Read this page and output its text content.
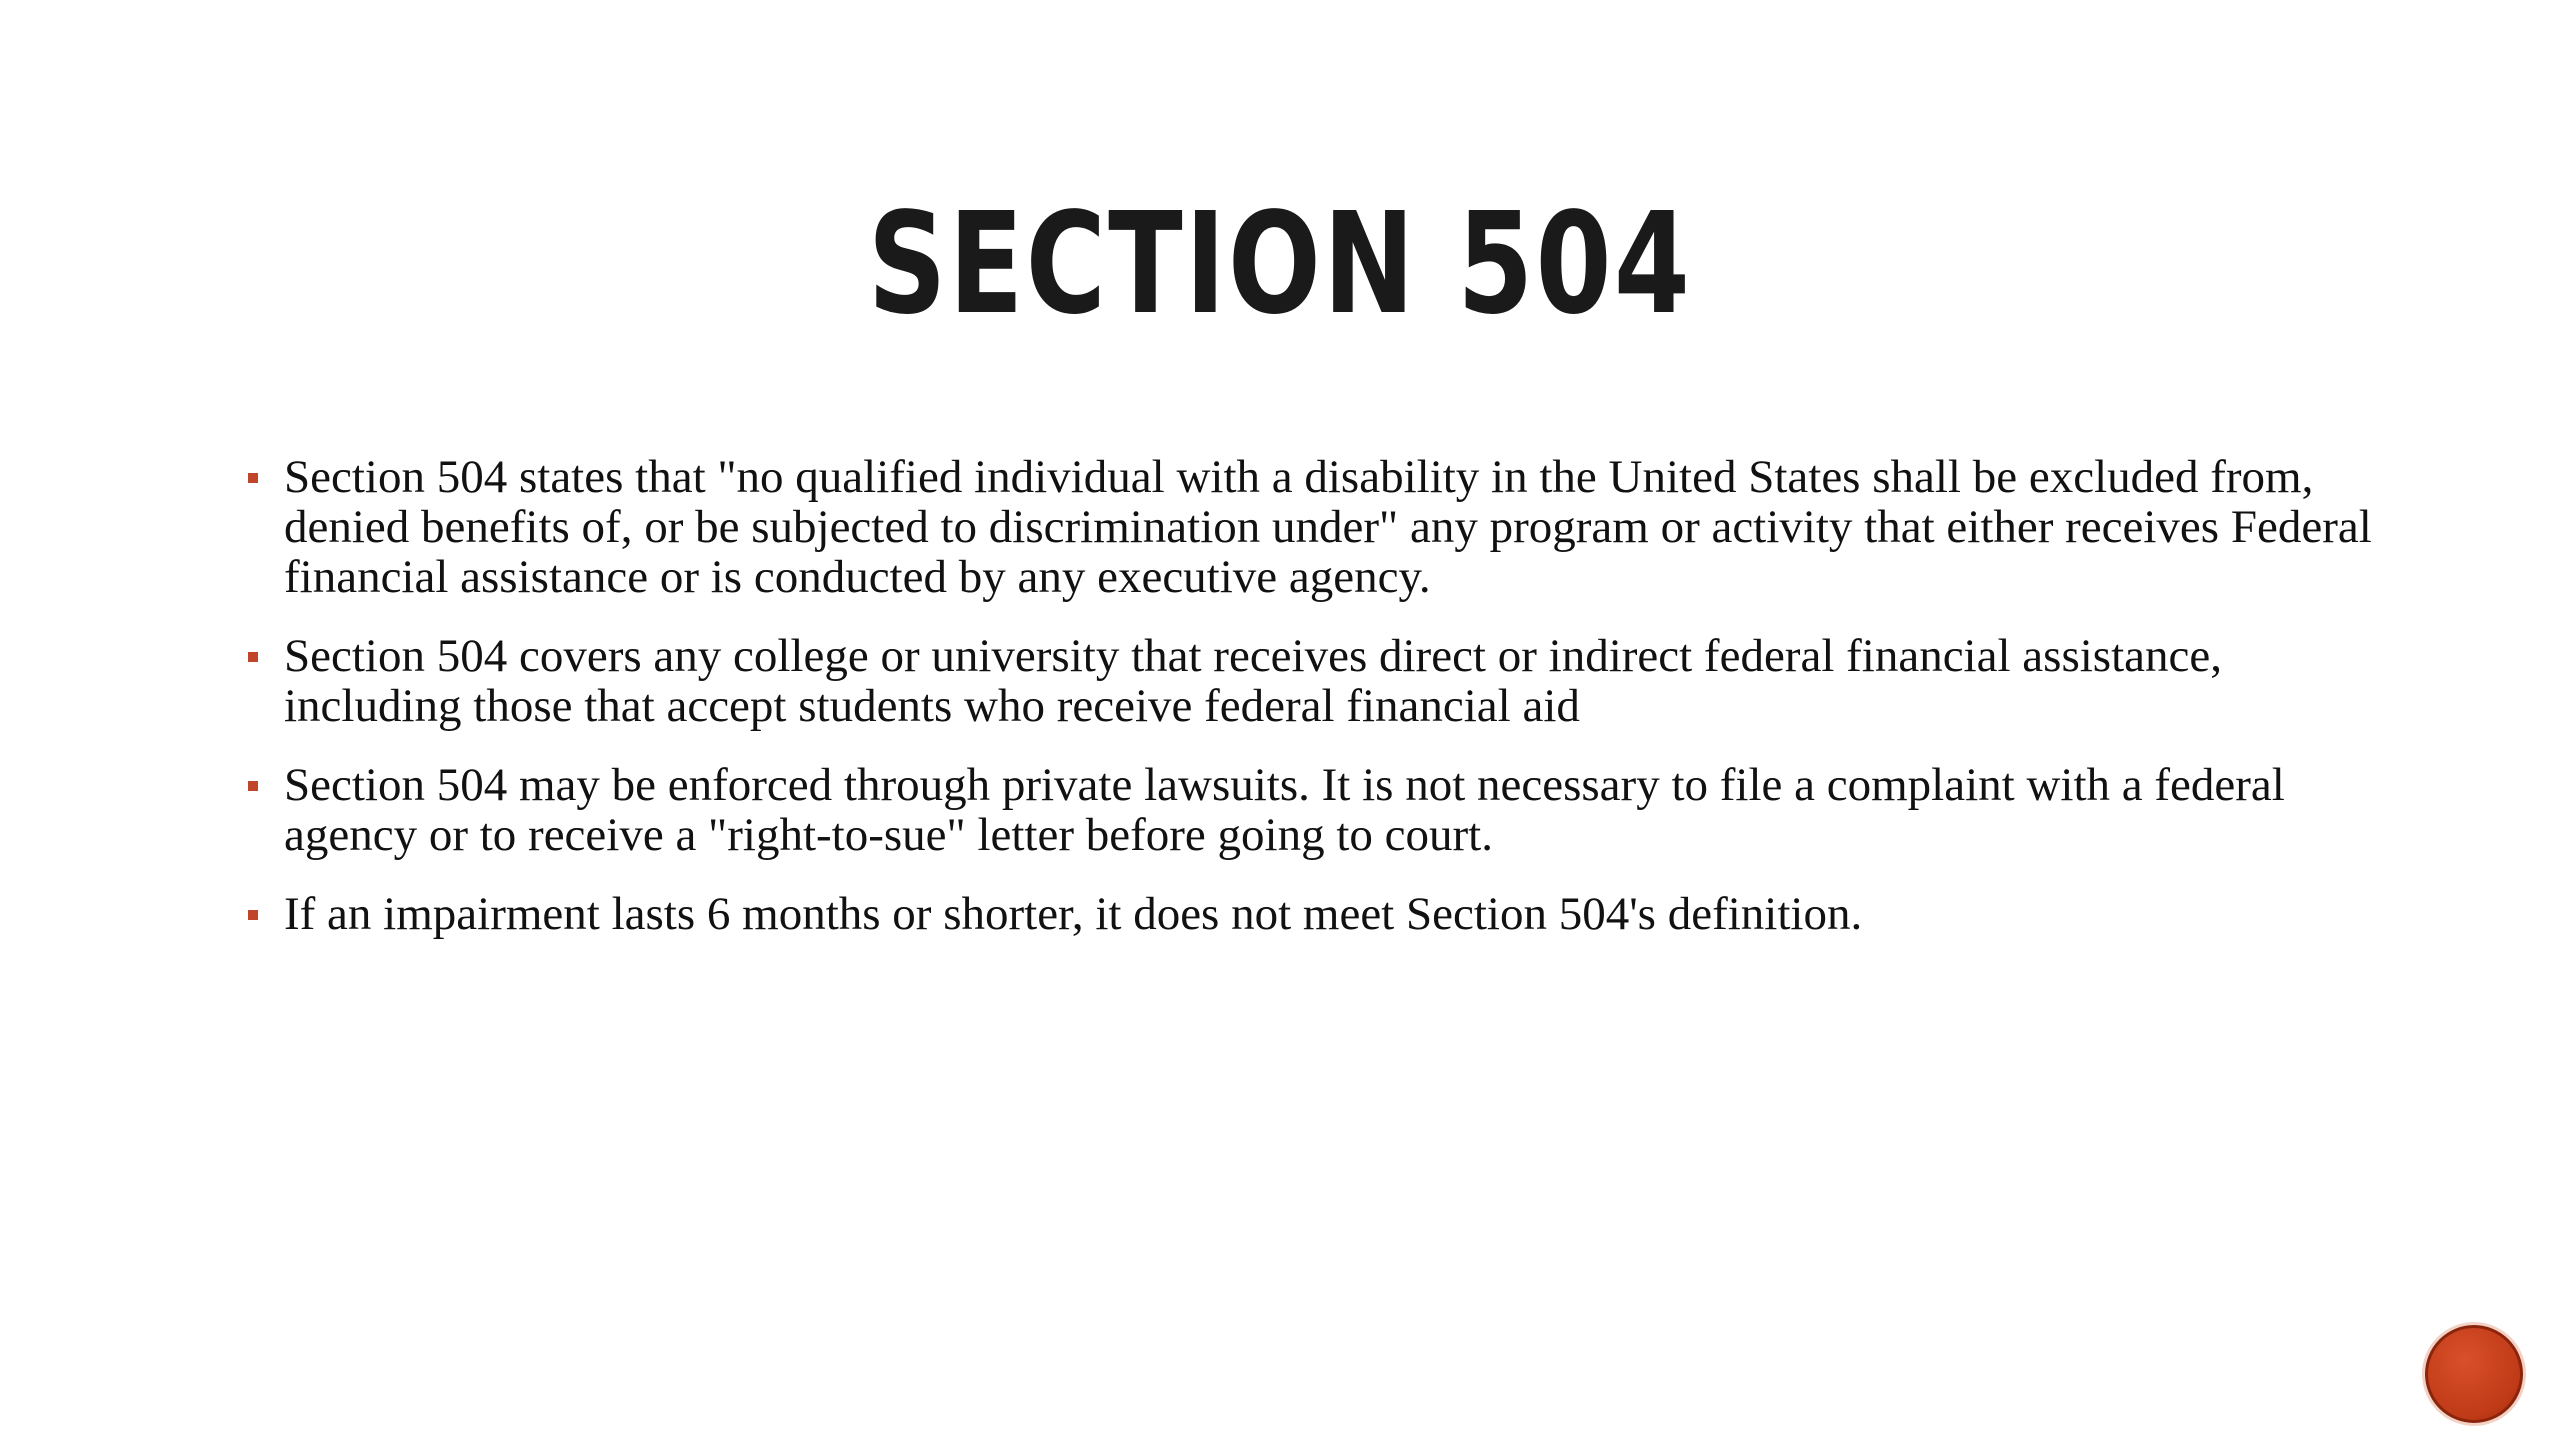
SECTION 504
Section 504 states that "no qualified individual with a disability in the United States shall be excluded from, denied benefits of, or be subjected to discrimination under" any program or activity that either receives Federal financial assistance or is conducted by any executive agency.
Section 504 covers any college or university that receives direct or indirect federal financial assistance, including those that accept students who receive federal financial aid
Section 504 may be enforced through private lawsuits. It is not necessary to file a complaint with a federal agency or to receive a "right-to-sue" letter before going to court.
If an impairment lasts 6 months or shorter, it does not meet Section 504's definition.
